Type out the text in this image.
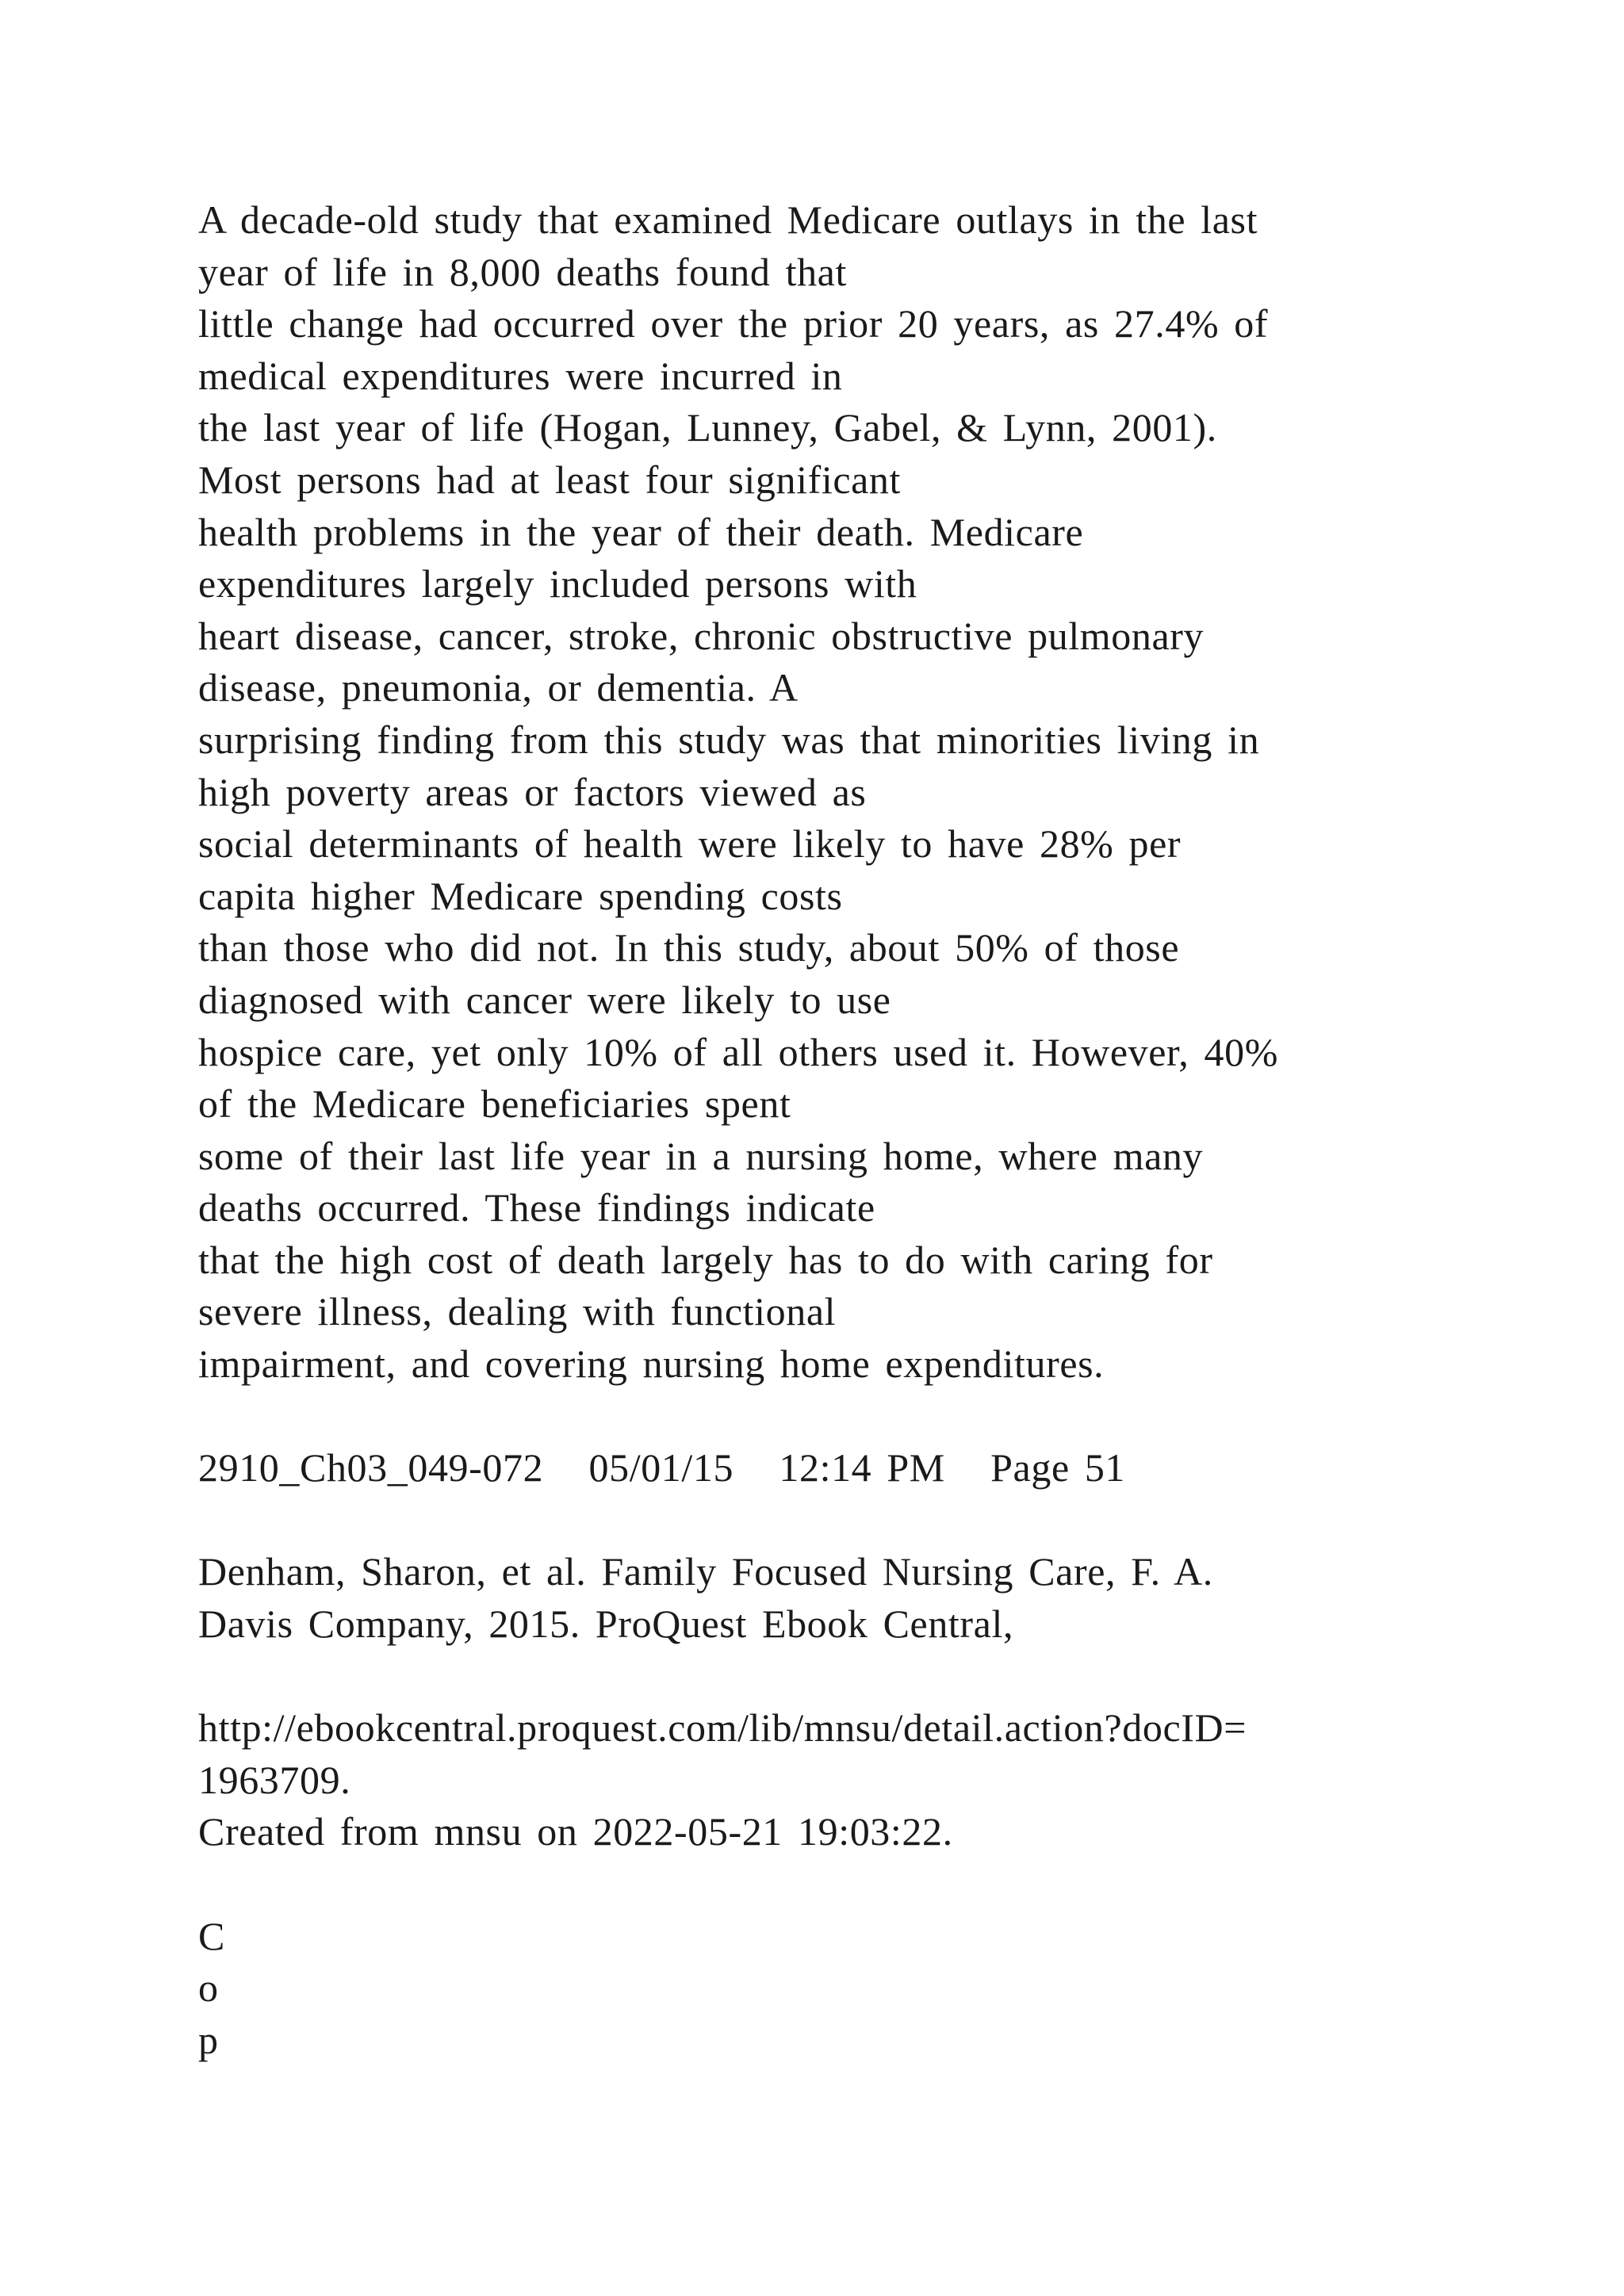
A decade-old study that examined Medicare outlays in the last
year of life in 8,000 deaths found that
little change had occurred over the prior 20 years, as 27.4% of
medical expenditures were incurred in
the last year of life (Hogan, Lunney, Gabel, & Lynn, 2001).
Most persons had at least four significant
health problems in the year of their death. Medicare
expenditures largely included persons with
heart disease, cancer, stroke, chronic obstructive pulmonary
disease, pneumonia, or dementia. A
surprising finding from this study was that minorities living in
high poverty areas or factors viewed as
social determinants of health were likely to have 28% per
capita higher Medicare spending costs
than those who did not. In this study, about 50% of those
diagnosed with cancer were likely to use
hospice care, yet only 10% of all others used it. However, 40%
of the Medicare beneficiaries spent
some of their last life year in a nursing home, where many
deaths occurred. These findings indicate
that the high cost of death largely has to do with caring for
severe illness, dealing with functional
impairment, and covering nursing home expenditures.
2910_Ch03_049-072   05/01/15   12:14 PM   Page 51
Denham, Sharon, et al. Family Focused Nursing Care, F. A.
Davis Company, 2015. ProQuest Ebook Central,
http://ebookcentral.proquest.com/lib/mnsu/detail.action?docID=
1963709.
Created from mnsu on 2022-05-21 19:03:22.
C
o
p
